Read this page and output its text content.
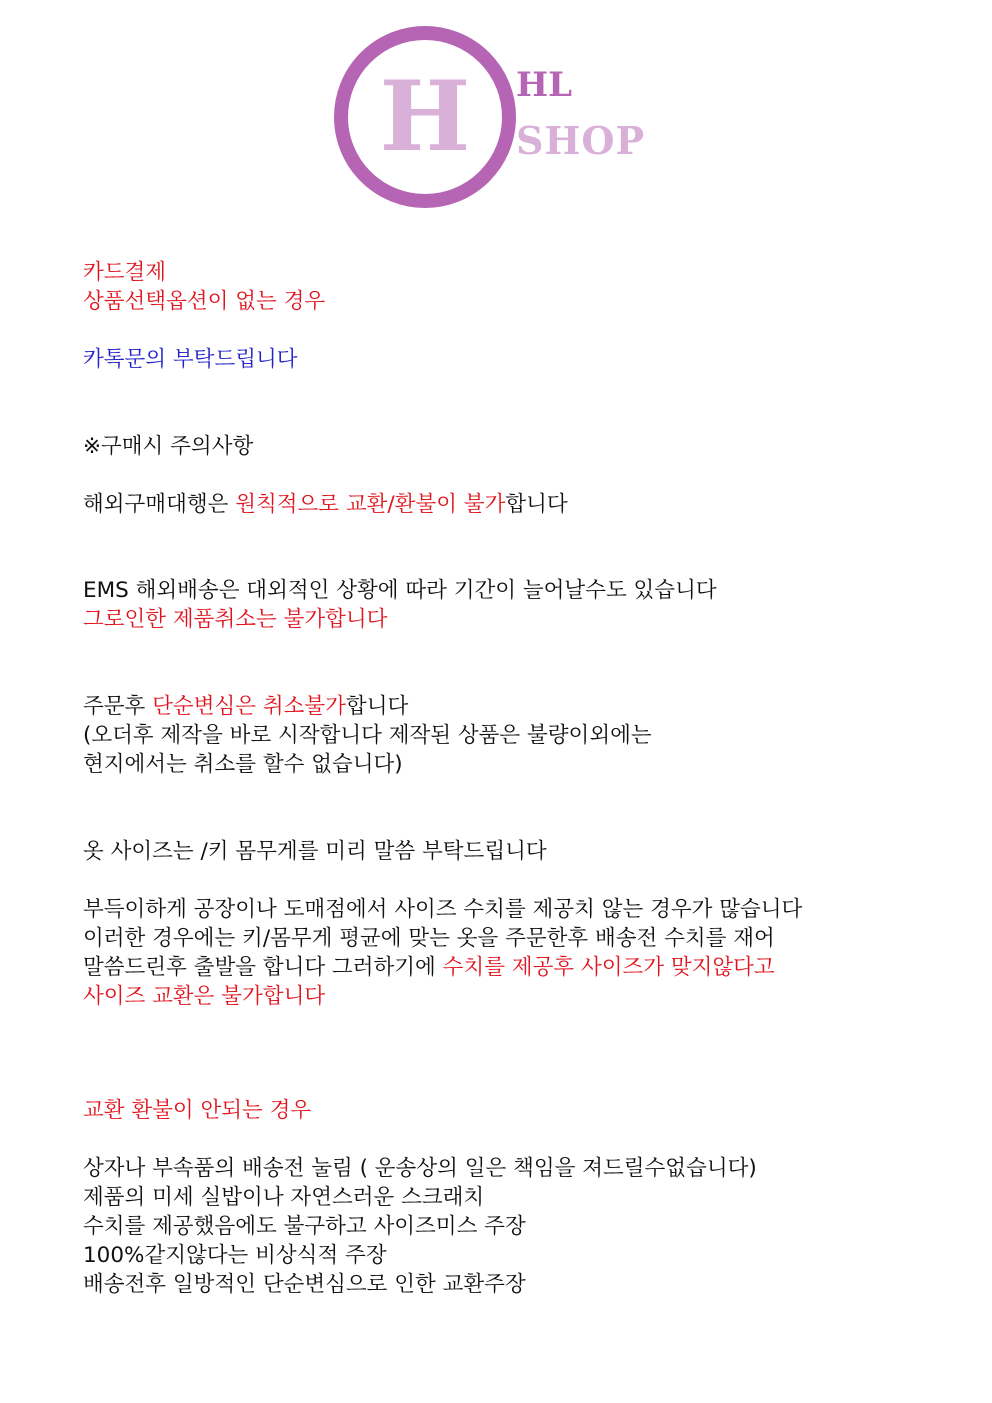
H	HL
SHOP
카드결제
상품선택옵션이 없는 경우
카톡문의 부탁드립니다
※구매시 주의사항
해외구매대행은 원칙적으로 교환/환불이 불가합니다
EMS 해외배송은 대외적인 상황에 따라 기간이 늘어날수도 있습니다
그로인한 제품취소는 불가합니다
주문후 단순변심은 취소불가합니다
(오더후 제작을 바로 시작합니다 제작된 상품은 불량이외에는
현지에서는 취소를 할수 없습니다)
옷 사이즈는 /키 몸무게를 미리 말씀 부탁드립니다
부득이하게 공장이나 도매점에서 사이즈 수치를 제공치 않는 경우가 많습니다
이러한 경우에는 키/몸무게 평균에 맞는 옷을 주문한후 배송전 수치를 재어
말씀드린후 출발을 합니다 그러하기에 수치를 제공후 사이즈가 맞지않다고
사이즈 교환은 불가합니다
교환 환불이 안되는 경우
상자나 부속품의 배송전 눌림 ( 운송상의 일은 책임을 져드릴수없습니다)
제품의 미세 실밥이나 자연스러운 스크래치
수치를 제공했음에도 불구하고 사이즈미스 주장
100%같지않다는 비상식적 주장
배송전후 일방적인 단순변심으로 인한 교환주장
